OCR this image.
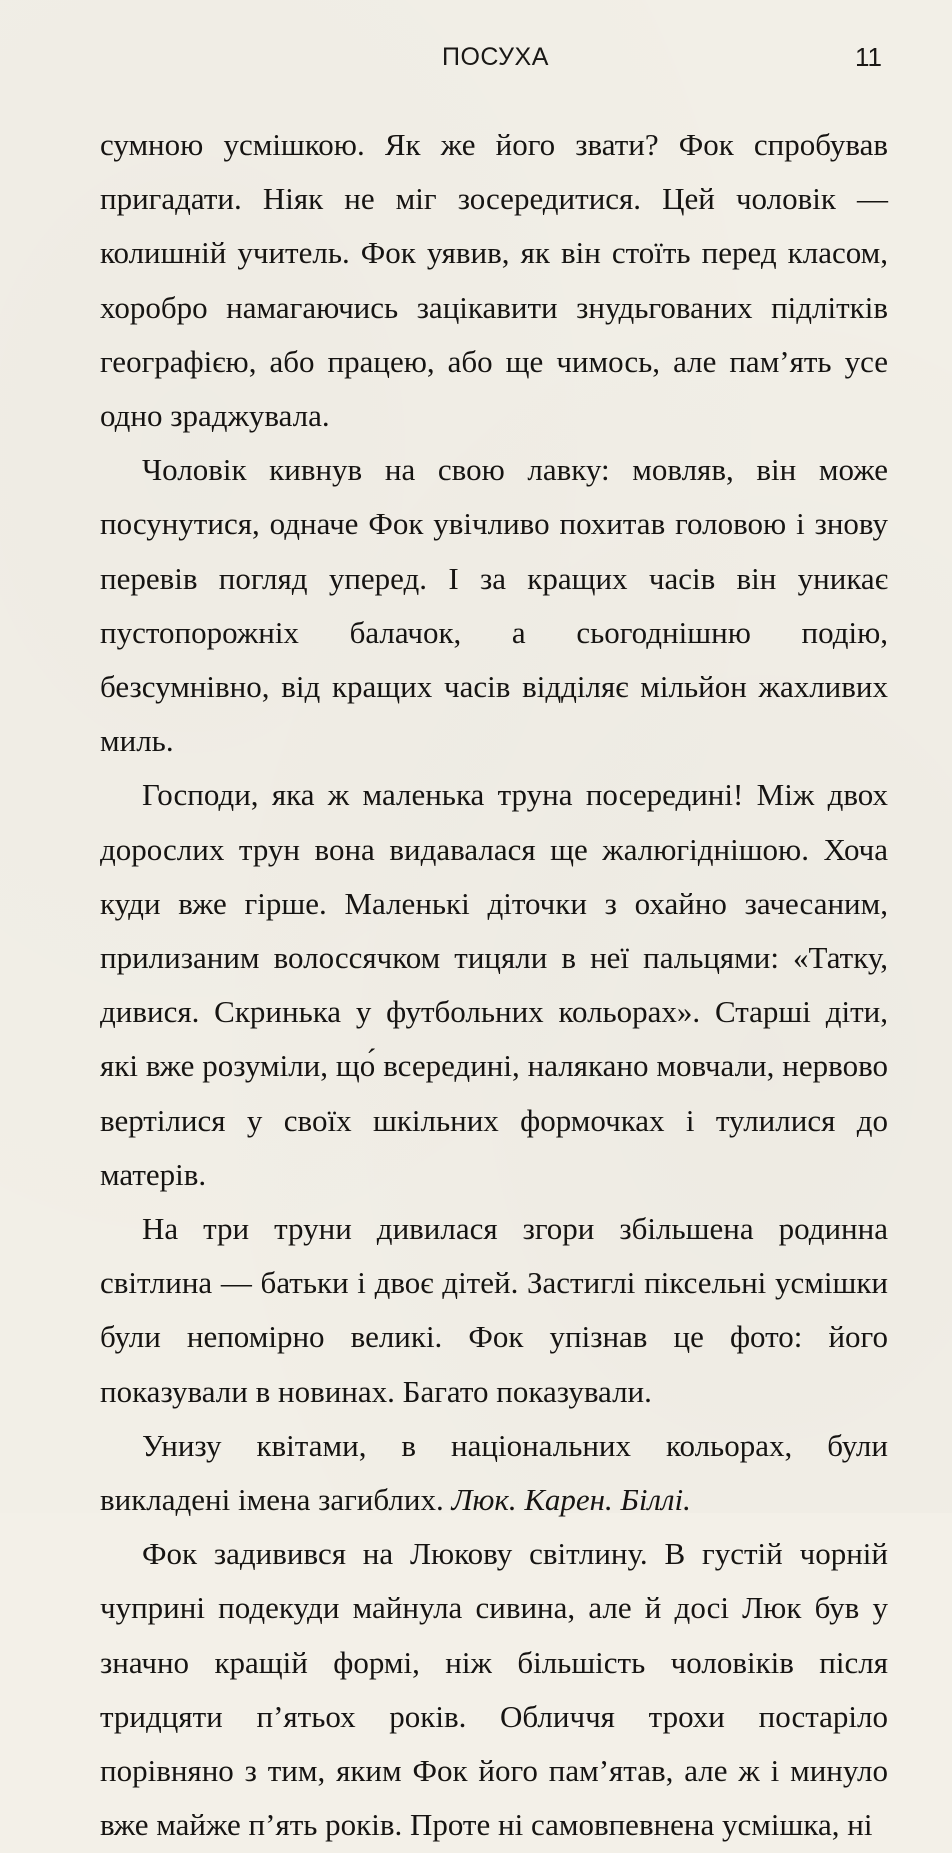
ПОСУХА	11

сумною усмішкою. Як же його звати? Фок спробував пригадати. Ніяк не міг зосередитися. Цей чоловік — колишній учитель. Фок уявив, як він стоїть перед класом, хоробро намагаючись зацікавити знудьгованих підлітків географією, або працею, або ще чимось, але пам’ять усе одно зраджувала.

Чоловік кивнув на свою лавку: мовляв, він може посунутися, одначе Фок увічливо похитав головою і знову перевів погляд уперед. І за кращих часів він уникає пустопорожніх балачок, а сьогоднішню подію, безсумнівно, від кращих часів відділяє мільйон жахливих миль.

Господи, яка ж маленька труна посередині! Між двох дорослих трун вона видавалася ще жалюгіднішою. Хоча куди вже гірше. Маленькі діточки з охайно зачесаним, прилизаним волоссячком тицяли в неї пальцями: «Татку, дивися. Скринька у футбольних кольорах». Старші діти, які вже розуміли, що́ всередині, налякано мовчали, нервово вертілися у своїх шкільних формочках і тулилися до матерів.

На три труни дивилася згори збільшена родинна світлина — батьки і двоє дітей. Застиглі піксельні усмішки були непомірно великі. Фок упізнав це фото: його показували в новинах. Багато показували.

Унизу квітами, в національних кольорах, були викладені імена загиблих. Люк. Карен. Біллі.

Фок задивився на Люкову світлину. В густій чорній чуприні подекуди майнула сивина, але й досі Люк був у значно кращій формі, ніж більшість чоловіків після тридцяти п’ятьох років. Обличчя трохи постаріло порівняно з тим, яким Фок його пам’ятав, але ж і минуло вже майже п’ять років. Проте ні самовпевнена усмішка, ні
